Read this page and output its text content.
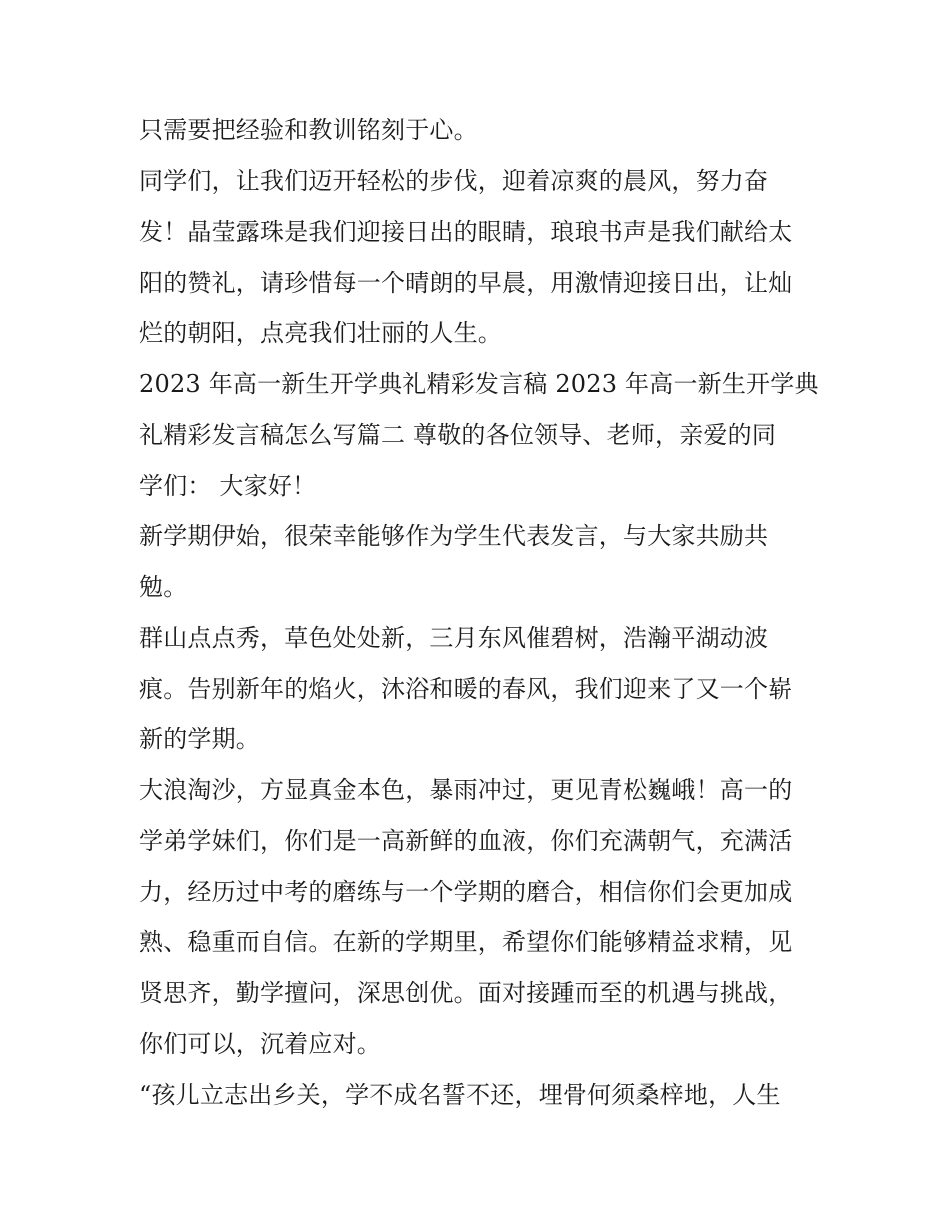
只需要把经验和教训铭刻于心。

同学们，让我们迈开轻松的步伐，迎着凉爽的晨风，努力奋

发！晶莹露珠是我们迎接日出的眼睛，琅琅书声是我们献给太

阳的赞礼，请珍惜每一个晴朗的早晨，用激情迎接日出，让灿

烂的朝阳，点亮我们壮丽的人生。

2023 年高一新生开学典礼精彩发言稿 2023 年高一新生开学典

礼精彩发言稿怎么写篇二 尊敬的各位领导、老师，亲爱的同

学们： 大家好！

新学期伊始，很荣幸能够作为学生代表发言，与大家共励共

勉。

群山点点秀，草色处处新，三月东风催碧树，浩瀚平湖动波

痕。告别新年的焰火，沐浴和暖的春风，我们迎来了又一个崭

新的学期。

大浪淘沙，方显真金本色，暴雨冲过，更见青松巍峨！高一的

学弟学妹们，你们是一高新鲜的血液，你们充满朝气，充满活

力，经历过中考的磨练与一个学期的磨合，相信你们会更加成

熟、稳重而自信。在新的学期里，希望你们能够精益求精，见

贤思齐，勤学擅问，深思创优。面对接踵而至的机遇与挑战，

你们可以，沉着应对。

“孩儿立志出乡关，学不成名誓不还，埋骨何须桑梓地，人生
